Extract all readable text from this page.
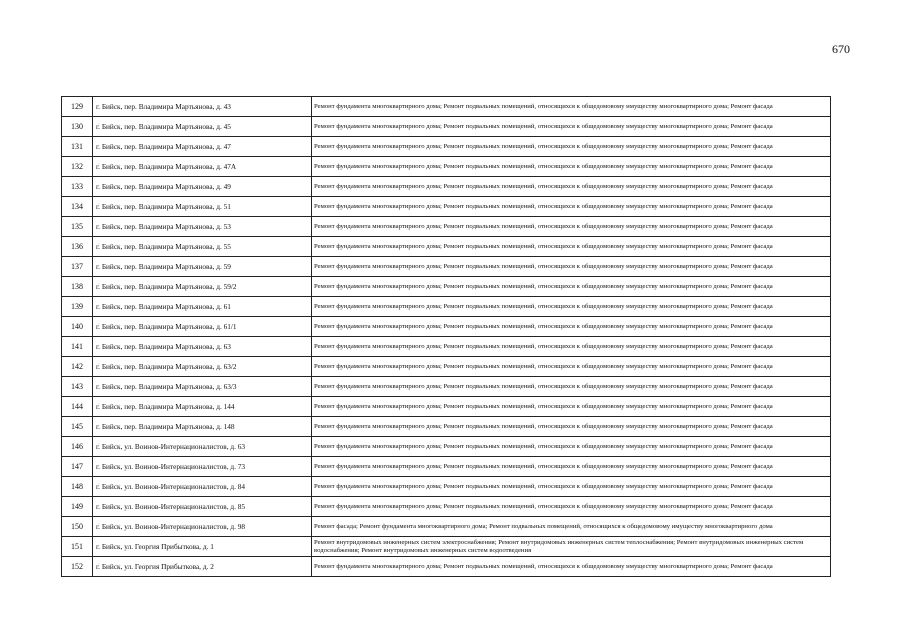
670
129	г. Бийск, пер. Владимира Мартьянова, д. 43	Ремонт фундамента многоквартирного дома; Ремонт подвальных помещений, относящихся к общедомовому имуществу многоквартирного дома; Ремонт фасада
130	г. Бийск, пер. Владимира Мартьянова, д. 45	Ремонт фундамента многоквартирного дома; Ремонт подвальных помещений, относящихся к общедомовому имуществу многоквартирного дома; Ремонт фасада
131	г. Бийск, пер. Владимира Мартьянова, д. 47	Ремонт фундамента многоквартирного дома; Ремонт подвальных помещений, относящихся к общедомовому имуществу многоквартирного дома; Ремонт фасада
132	г. Бийск, пер. Владимира Мартьянова, д. 47А	Ремонт фундамента многоквартирного дома; Ремонт подвальных помещений, относящихся к общедомовому имуществу многоквартирного дома; Ремонт фасада
133	г. Бийск, пер. Владимира Мартьянова, д. 49	Ремонт фундамента многоквартирного дома; Ремонт подвальных помещений, относящихся к общедомовому имуществу многоквартирного дома; Ремонт фасада
134	г. Бийск, пер. Владимира Мартьянова, д. 51	Ремонт фундамента многоквартирного дома; Ремонт подвальных помещений, относящихся к общедомовому имуществу многоквартирного дома; Ремонт фасада
135	г. Бийск, пер. Владимира Мартьянова, д. 53	Ремонт фундамента многоквартирного дома; Ремонт подвальных помещений, относящихся к общедомовому имуществу многоквартирного дома; Ремонт фасада
136	г. Бийск, пер. Владимира Мартьянова, д. 55	Ремонт фундамента многоквартирного дома; Ремонт подвальных помещений, относящихся к общедомовому имуществу многоквартирного дома; Ремонт фасада
137	г. Бийск, пер. Владимира Мартьянова, д. 59	Ремонт фундамента многоквартирного дома; Ремонт подвальных помещений, относящихся к общедомовому имуществу многоквартирного дома; Ремонт фасада
138	г. Бийск, пер. Владимира Мартьянова, д. 59/2	Ремонт фундамента многоквартирного дома; Ремонт подвальных помещений, относящихся к общедомовому имуществу многоквартирного дома; Ремонт фасада
139	г. Бийск, пер. Владимира Мартьянова, д. 61	Ремонт фундамента многоквартирного дома; Ремонт подвальных помещений, относящихся к общедомовому имуществу многоквартирного дома; Ремонт фасада
140	г. Бийск, пер. Владимира Мартьянова, д. 61/1	Ремонт фундамента многоквартирного дома; Ремонт подвальных помещений, относящихся к общедомовому имуществу многоквартирного дома; Ремонт фасада
141	г. Бийск, пер. Владимира Мартьянова, д. 63	Ремонт фундамента многоквартирного дома; Ремонт подвальных помещений, относящихся к общедомовому имуществу многоквартирного дома; Ремонт фасада
142	г. Бийск, пер. Владимира Мартьянова, д. 63/2	Ремонт фундамента многоквартирного дома; Ремонт подвальных помещений, относящихся к общедомовому имуществу многоквартирного дома; Ремонт фасада
143	г. Бийск, пер. Владимира Мартьянова, д. 63/3	Ремонт фундамента многоквартирного дома; Ремонт подвальных помещений, относящихся к общедомовому имуществу многоквартирного дома; Ремонт фасада
144	г. Бийск, пер. Владимира Мартьянова, д. 144	Ремонт фундамента многоквартирного дома; Ремонт подвальных помещений, относящихся к общедомовому имуществу многоквартирного дома; Ремонт фасада
145	г. Бийск, пер. Владимира Мартьянова, д. 148	Ремонт фундамента многоквартирного дома; Ремонт подвальных помещений, относящихся к общедомовому имуществу многоквартирного дома; Ремонт фасада
146	г. Бийск, ул. Воинов-Интернационалистов, д. 63	Ремонт фундамента многоквартирного дома; Ремонт подвальных помещений, относящихся к общедомовому имуществу многоквартирного дома; Ремонт фасада
147	г. Бийск, ул. Воинов-Интернационалистов, д. 73	Ремонт фундамента многоквартирного дома; Ремонт подвальных помещений, относящихся к общедомовому имуществу многоквартирного дома; Ремонт фасада
148	г. Бийск, ул. Воинов-Интернационалистов, д. 84	Ремонт фундамента многоквартирного дома; Ремонт подвальных помещений, относящихся к общедомовому имуществу многоквартирного дома; Ремонт фасада
149	г. Бийск, ул. Воинов-Интернационалистов, д. 85	Ремонт фундамента многоквартирного дома; Ремонт подвальных помещений, относящихся к общедомовому имуществу многоквартирного дома; Ремонт фасада
150	г. Бийск, ул. Воинов-Интернационалистов, д. 98	Ремонт фасада; Ремонт фундамента многоквартирного дома; Ремонт подвальных помещений, относящихся к общедомовому имуществу многоквартирного дома
151	г. Бийск, ул. Георгия Прибыткова, д. 1	Ремонт внутридомовых инженерных систем электроснабжения; Ремонт внутридомовых инженерных систем теплоснабжения; Ремонт внутридомовых инженерных систем водоснабжения; Ремонт внутридомовых инженерных систем водоотведения
152	г. Бийск, ул. Георгия Прибыткова, д. 2	Ремонт фундамента многоквартирного дома; Ремонт подвальных помещений, относящихся к общедомовому имуществу многоквартирного дома; Ремонт фасада
